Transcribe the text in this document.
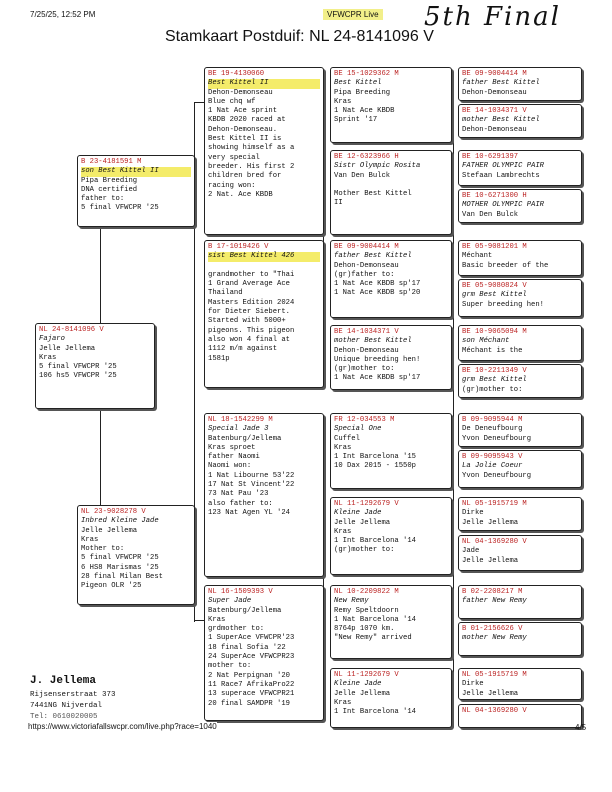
7/25/25, 12:52 PM	VFWCPR Live 5th Final
Stamkaart Postduif: NL 24-8141096 V
NL 24-8141096 V
Fajaro
Jelle Jellema
Kras
5 final VFWCPR '25
106 hs5 VFWCPR '25
B 23-4181591 M
son Best Kittel II
Pipa Breeding
DNA certified
father to:
5 final VFWCPR '25
NL 23-9028278 V
Inbred Kleine Jade
Jelle Jellema
Kras
Mother to:
5 final VFWCPR '25
6 HS8 Marismas '25
28 final Milan Best
Pigeon OLR '25
BE 19-4130060
Best Kittel II
Dehon-Demonseau
Blue chq wf
1 Nat Ace sprint
KBDB 2020 raced at
Dehon-Demonseau.
Best Kittel II is
showing himself as a
very special
breeder. His first 2
children bred for
racing won:
2 Nat. Ace KBDB
B 17-1019426 V
sist Best Kittel 426

grandmother to "Thai
1 Grand Average Ace
Thailand
Masters Edition 2024
for Dieter Siebert.
Started with 5000+
pigeons. This pigeon
also won 4 final at
1112 m/m against
1581p
NL 18-1542299 M
Special Jade 3
Batenburg/Jellema
Kras sproet
father Naomi
Naomi won:
1 Nat Libourne 53'22
17 Nat St Vincent'22
73 Nat Pau '23
also father to:
123 Nat Agen YL '24
NL 16-1509393 V
Super Jade
Batenburg/Jellema
Kras
grdmother to:
1 SuperAce VFWCPR'23
18 final Sofia '22
24 SuperAce VFWCPR23
mother to:
2 Nat Perpignan '20
11 Race7 AfrikaPro22
13 superace VFWCPR21
20 final SAMDPR '19
BE 15-1029362 M
Best Kittel
Pipa Breeding
Kras
1 Nat Ace KBDB
Sprint '17
BE 12-6323966 H
Sistr Olympic Rosita
Van Den Bulck

Mother Best Kittel
II
BE 09-9004414 M
father Best Kittel
Dehon-Demonseau
(gr)father to:
1 Nat Ace KBDB sp'17
1 Nat Ace KBDB sp'20
BE 14-1034371 V
mother Best Kittel
Dehon-Demonseau
Unique breeding hen!
(gr)mother to:
1 Nat Ace KBDB sp'17
FR 12-034553 M
Special One
Cuffel
Kras
1 Int Barcelona '15
10 Dax 2015 - 1550p
NL 11-1292679 V
Kleine Jade
Jelle Jellema
Kras
1 Int Barcelona '14
(gr)mother to:
NL 10-2209822 M
New Remy
Remy Speltdoorn
1 Nat Barcelona '14
8764p 1070 km.
"New Remy" arrived
NL 11-1292679 V
Kleine Jade
Jelle Jellema
Kras
1 Int Barcelona '14
BE 09-9004414 M
father Best Kittel
Dehon-Demonseau
BE 14-1034371 V
mother Best Kittel
Dehon-Demonseau
BE 10-6291397
FATHER OLYMPIC PAIR
Stefaan Lambrechts
BE 10-6271300 H
MOTHER OLYMPIC PAIR
Van Den Bulck
BE 05-9081201 M
Méchant
Basic breeder of the
BE 05-9080824 V
grm Best Kittel
Super breeding hen!
BE 10-9065094 M
son Méchant
Méchant is the
BE 10-2211349 V
grm Best Kittel
(gr)mother to:
B 09-9095944 M
De Deneufbourg
Yvon Deneufbourg
B 09-9095943 V
La Jolie Coeur
Yvon Deneufbourg
NL 05-1915719 M
Dirke
Jelle Jellema
NL 04-1369280 V
Jade
Jelle Jellema
B 02-2208217 M
father New Remy
B 01-2156626 V
mother New Remy
NL 05-1915719 M
Dirke
Jelle Jellema
NL 04-1369280 V
J. Jellema
Rijsenserstraat 373
7441NG Nijverdal
Tel: 0610020005
https://www.victoriafallswcpr.com/live.php?race=1040	4/5
